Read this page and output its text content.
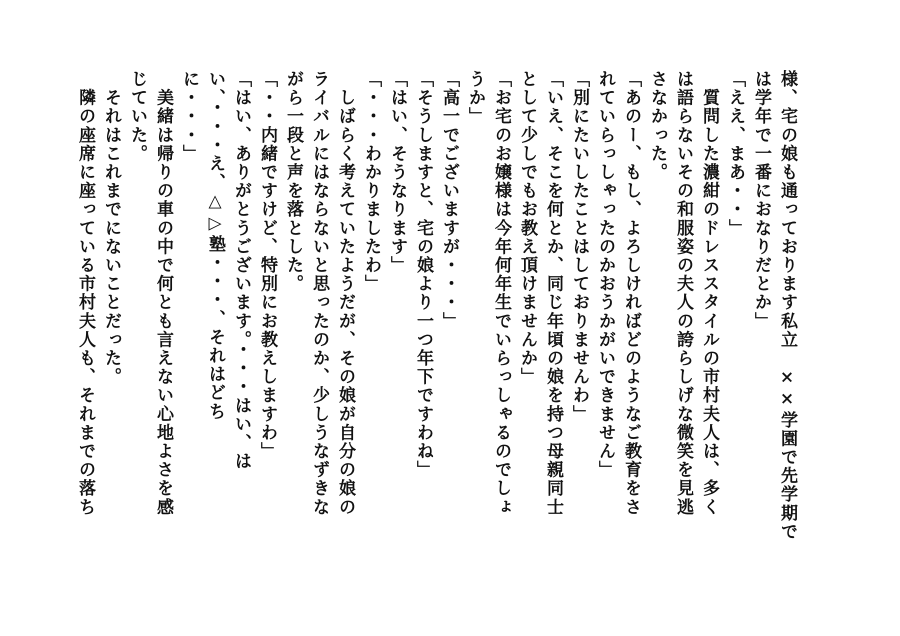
様、宅の娘も通っております私立　××学園で先学期で
は学年で一番におなりだとか」
「ええ、まあ・・」
　質問した濃紺のドレススタイルの市村夫人は、多く
は語らないその和服姿の夫人の誇らしげな微笑を見逃
さなかった。
「あのー、もし、よろしければどのようなご教育をさ
れていらっしゃったのかおうかがいできません」
「別にたいしたことはしておりませんわ」
「いえ、そこを何とか、同じ年頃の娘を持つ母親同士
として少しでもお教え頂けませんか」
「お宅のお嬢様は今年何年生でいらっしゃるのでしょ
うか」
「高一でございますが・・・」
「そうしますと、宅の娘より一つ年下ですわね」
「はい、そうなります」
「・・・わかりましたわ」
　しばらく考えていたようだが、その娘が自分の娘の
ライバルにはならないと思ったのか、少しうなずきな
がら一段と声を落とした。
「・・内緒ですけど、特別にお教えしますわ」
「はい、ありがとうございます。・・・はい、は
い、・・・え、△▷塾・・・、それはどち
に・・・」
　美緒は帰りの車の中で何とも言えない心地よさを感
じていた。
　それはこれまでにないことだった。
　隣の座席に座っている市村夫人も、それまでの落ち
